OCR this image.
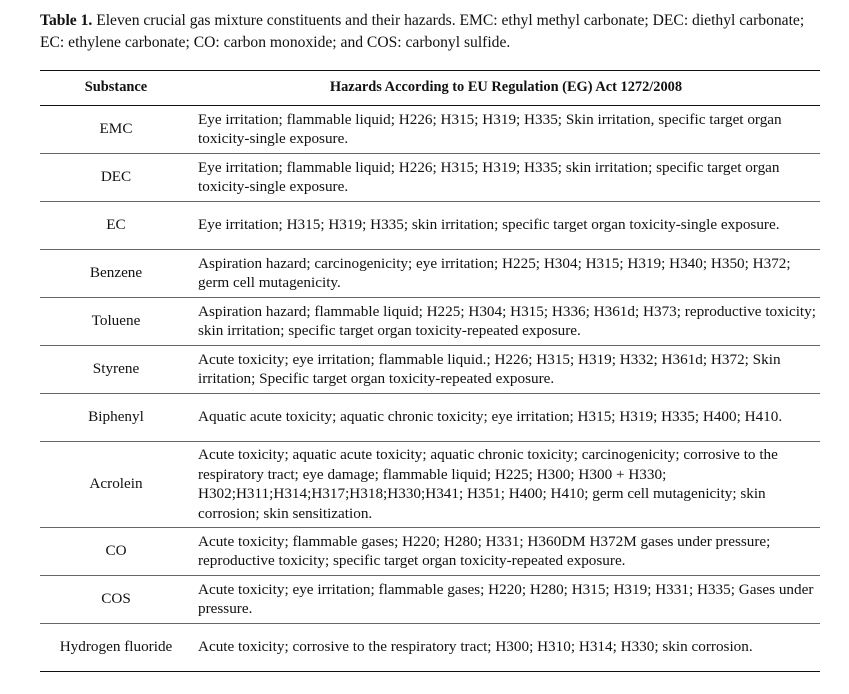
Table 1. Eleven crucial gas mixture constituents and their hazards. EMC: ethyl methyl carbonate; DEC: diethyl carbonate; EC: ethylene carbonate; CO: carbon monoxide; and COS: carbonyl sulfide.

Substance	Hazards According to EU Regulation (EG) Act 1272/2008
EMC	Eye irritation; flammable liquid; H226; H315; H319; H335; Skin irritation, specific target organ toxicity-single exposure.
DEC	Eye irritation; flammable liquid; H226; H315; H319; H335; skin irritation; specific target organ toxicity-single exposure.
EC	Eye irritation; H315; H319; H335; skin irritation; specific target organ toxicity-single exposure.
Benzene	Aspiration hazard; carcinogenicity; eye irritation; H225; H304; H315; H319; H340; H350; H372; germ cell mutagenicity.
Toluene	Aspiration hazard; flammable liquid; H225; H304; H315; H336; H361d; H373; reproductive toxicity; skin irritation; specific target organ toxicity-repeated exposure.
Styrene	Acute toxicity; eye irritation; flammable liquid.; H226; H315; H319; H332; H361d; H372; Skin irritation; Specific target organ toxicity-repeated exposure.
Biphenyl	Aquatic acute toxicity; aquatic chronic toxicity; eye irritation; H315; H319; H335; H400; H410.
Acrolein	Acute toxicity; aquatic acute toxicity; aquatic chronic toxicity; carcinogenicity; corrosive to the respiratory tract; eye damage; flammable liquid; H225; H300; H300 + H330; H302;H311;H314;H317;H318;H330;H341; H351; H400; H410; germ cell mutagenicity; skin corrosion; skin sensitization.
CO	Acute toxicity; flammable gases; H220; H280; H331; H360DM H372M gases under pressure; reproductive toxicity; specific target organ toxicity-repeated exposure.
COS	Acute toxicity; eye irritation; flammable gases; H220; H280; H315; H319; H331; H335; Gases under pressure.
Hydrogen fluoride	Acute toxicity; corrosive to the respiratory tract; H300; H310; H314; H330; skin corrosion.
